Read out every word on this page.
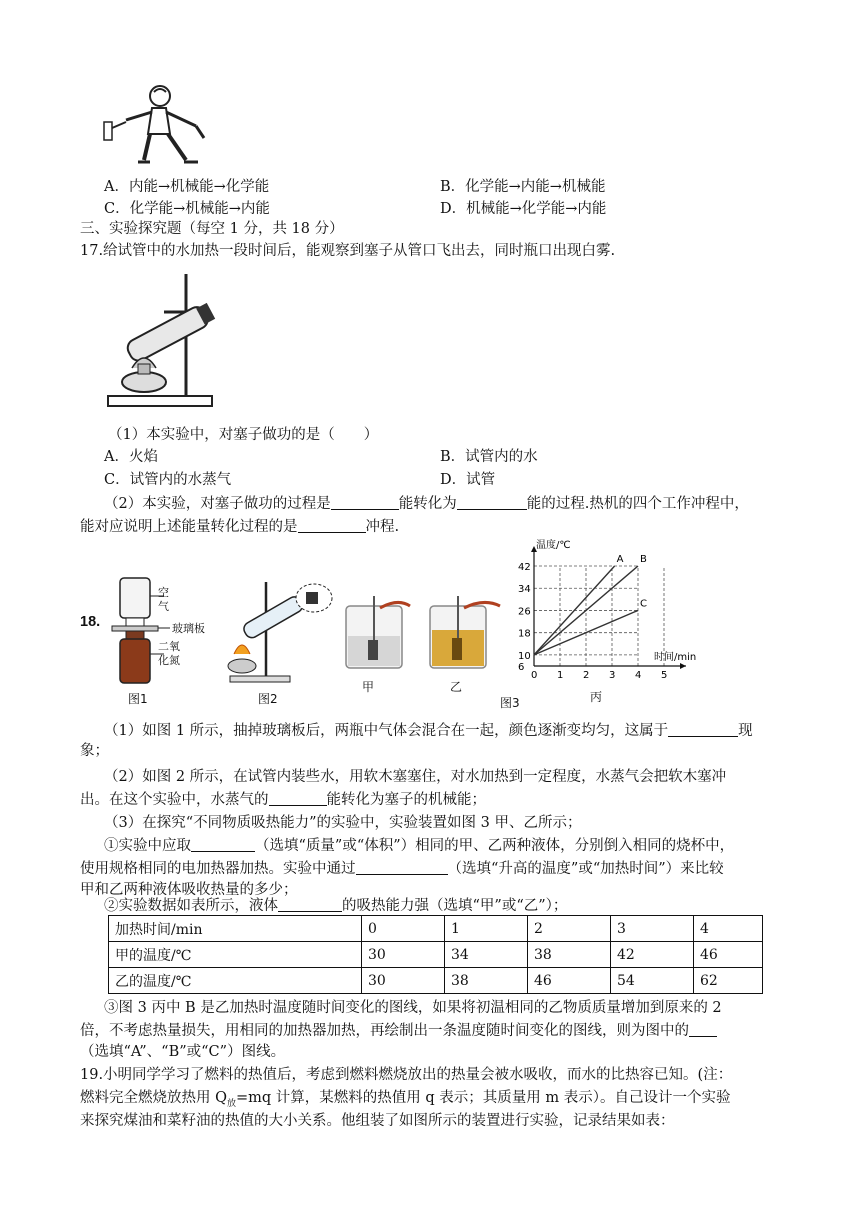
A．内能→机械能→化学能	B．化学能→内能→机械能
C．化学能→机械能→内能	D．机械能→化学能→内能
三、实验探究题（每空 1 分，共 18 分）
17.给试管中的水加热一段时间后，能观察到塞子从管口飞出去，同时瓶口出现白雾.
（1）本实验中，对塞子做功的是（　　）
A．火焰	B．试管内的水
C．试管内的水蒸气	D．试管
（2）本实验，对塞子做功的过程是	能转化为	能的过程.热机的四个工作冲程中，
能对应说明上述能量转化过程的是	冲程.
18.
空
气
玻璃板
二氧
化氮
图1	图2
甲	乙
图3
0 1 2 3 4 5
6
10
18
26
34
42
温度/℃
时间/min
A B
C
丙
（1）如图 1 所示，抽掉玻璃板后，两瓶中气体会混合在一起，颜色逐渐变均匀，这属于	现
象；
（2）如图 2 所示，在试管内装些水，用软木塞塞住，对水加热到一定程度，水蒸气会把软木塞冲
出。在这个实验中，水蒸气的	能转化为塞子的机械能；
（3）在探究“不同物质吸热能力”的实验中，实验装置如图 3 甲、乙所示；
①实验中应取	（选填“质量”或“体积”）相同的甲、乙两种液体，分别倒入相同的烧杯中，
使用规格相同的电加热器加热。实验中通过	（选填“升高的温度”或“加热时间”）来比较
甲和乙两种液体吸收热量的多少；
②实验数据如表所示，液体	的吸热能力强（选填“甲”或“乙”）；
加热时间/min	0	1	2	3	4
甲的温度/℃	30	34	38	42	46
乙的温度/℃	30	38	46	54	62
③图 3 丙中 B 是乙加热时温度随时间变化的图线，如果将初温相同的乙物质质量增加到原来的 2
倍，不考虑热量损失，用相同的加热器加热，再绘制出一条温度随时间变化的图线，则为图中的
（选填“A”、“B”或“C”）图线。
19.小明同学学习了燃料的热值后，考虑到燃料燃烧放出的热量会被水吸收，而水的比热容已知。(注：
燃料完全燃烧放热用 $Q_放=mq$ 计算，某燃料的热值用 q 表示；其质量用 m 表示）。自己设计一个实验
来探究煤油和菜籽油的热值的大小关系。他组装了如图所示的装置进行实验，记录结果如表：
